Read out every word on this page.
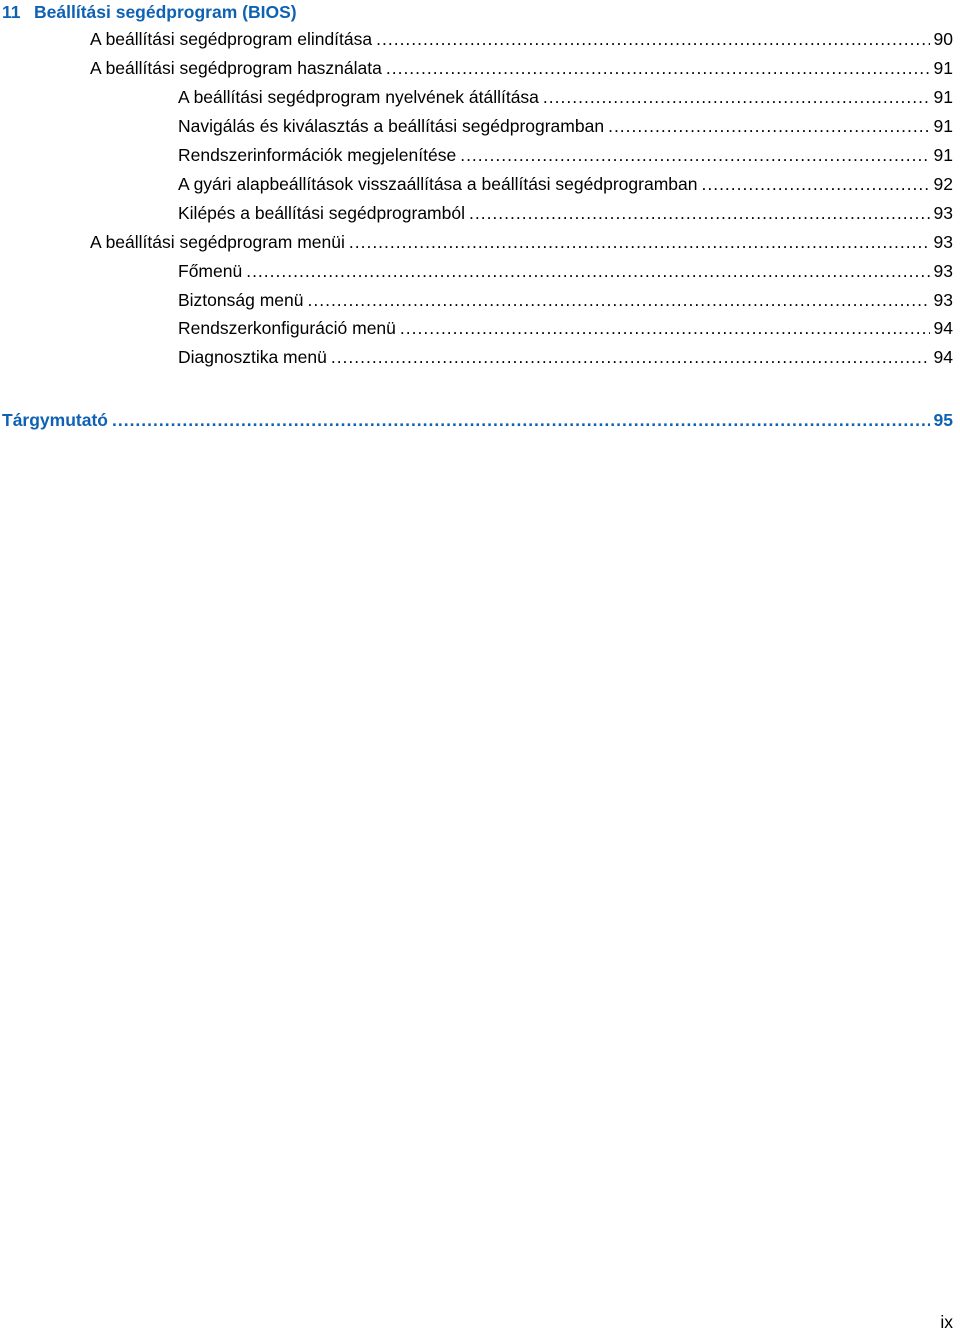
11 Beállítási segédprogram (BIOS)
A beállítási segédprogram elindítása .....	90
A beállítási segédprogram használata .....	91
A beállítási segédprogram nyelvének átállítása .....	91
Navigálás és kiválasztás a beállítási segédprogramban .....	91
Rendszerinformációk megjelenítése .....	91
A gyári alapbeállítások visszaállítása a beállítási segédprogramban .....	92
Kilépés a beállítási segédprogramból .....	93
A beállítási segédprogram menüi .....	93
Főmenü .....	93
Biztonság menü .....	93
Rendszerkonfiguráció menü .....	94
Diagnosztika menü .....	94
Tárgymutató .....	95
ix
